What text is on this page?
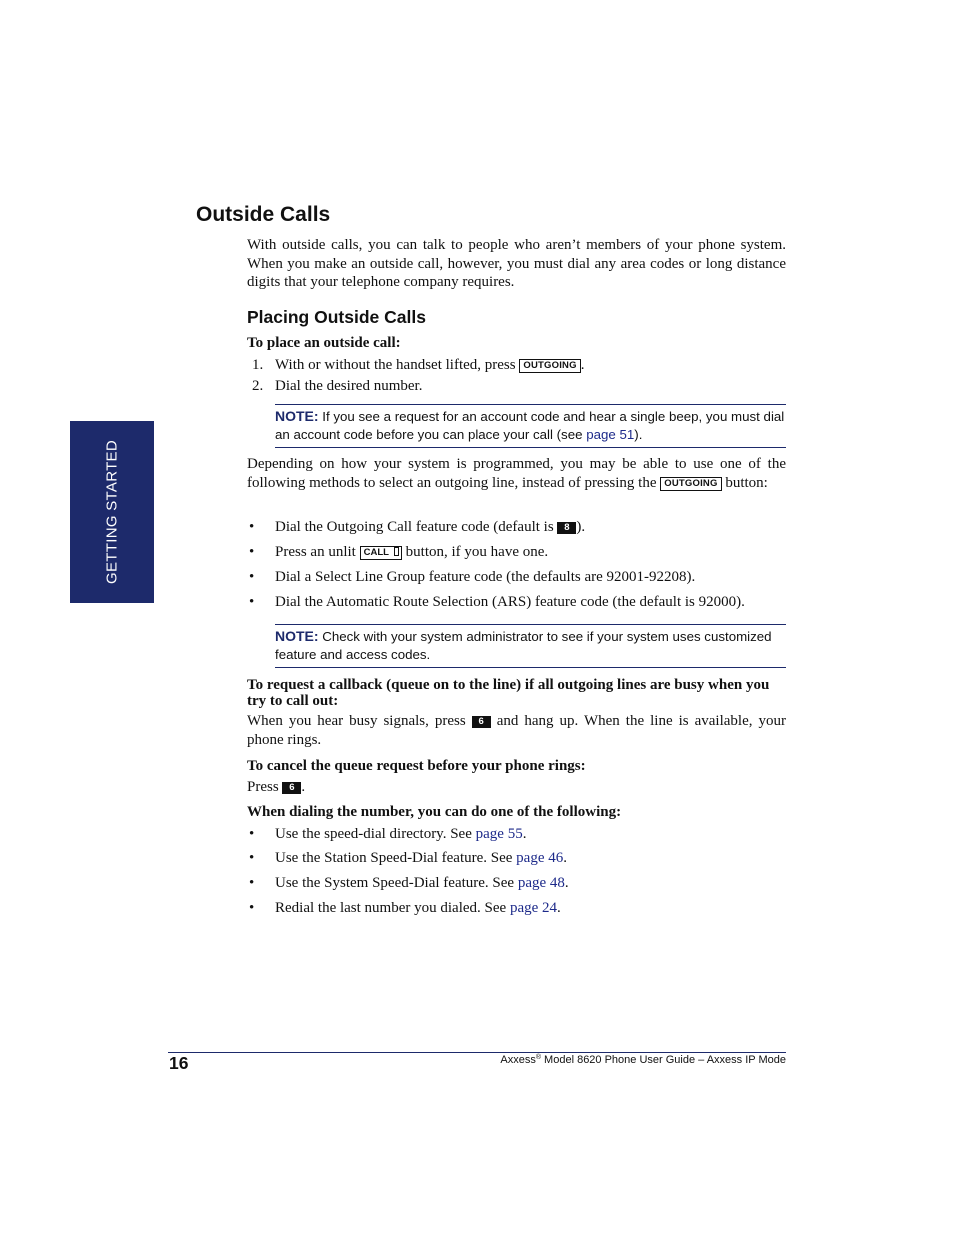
GETTING STARTED
Outside Calls

With outside calls, you can talk to people who aren’t members of your phone system. When you make an outside call, however, you must dial any area codes or long distance digits that your telephone company requires.

Placing Outside Calls
To place an outside call:
1. With or without the handset lifted, press OUTGOING .
2. Dial the desired number.
NOTE: If you see a request for an account code and hear a single beep, you must dial an account code before you can place your call (see page 51).

Depending on how your system is programmed, you may be able to use one of the following methods to select an outgoing line, instead of pressing the OUTGOING button:

• Dial the Outgoing Call feature code (default is 8 ).
• Press an unlit CALL button, if you have one.
• Dial a Select Line Group feature code (the defaults are 92001-92208).
• Dial the Automatic Route Selection (ARS) feature code (the default is 92000).
NOTE: Check with your system administrator to see if your system uses customized feature and access codes.
To request a callback (queue on to the line) if all outgoing lines are busy when you try to call out:

When you hear busy signals, press 6 and hang up. When the line is available, your phone rings.

To cancel the queue request before your phone rings:
Press 6 .
When dialing the number, you can do one of the following:
• Use the speed-dial directory. See page 55.
• Use the Station Speed-Dial feature. See page 46.
• Use the System Speed-Dial feature. See page 48.
• Redial the last number you dialed. See page 24.
16	Axxess® Model 8620 Phone User Guide – Axxess IP Mode
